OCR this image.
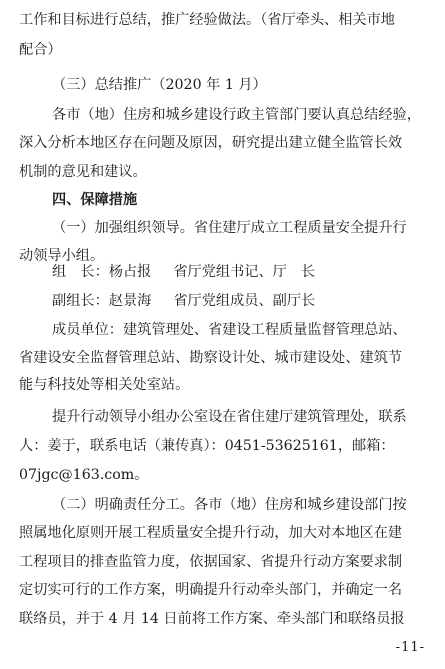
工作和目标进行总结，推广经验做法。（省厅牵头、相关市地
配合）
（三）总结推广（2020 年 1 月）
各市（地）住房和城乡建设行政主管部门要认真总结经验，
深入分析本地区存在问题及原因，研究提出建立健全监管长效
机制的意见和建议。
四、保障措施
（一）加强组织领导。省住建厅成立工程质量安全提升行
动领导小组。
组　长：杨占报 省厅党组书记、厅　长
副组长：赵景海 省厅党组成员、副厅长
成员单位：建筑管理处、省建设工程质量监督管理总站、
省建设安全监督管理总站、勘察设计处、城市建设处、建筑节
能与科技处等相关处室站。
提升行动领导小组办公室设在省住建厅建筑管理处，联系
人：姜于，联系电话（兼传真）：0451-53625161，邮箱：
07jgc@163.com。
（二）明确责任分工。各市（地）住房和城乡建设部门按
照属地化原则开展工程质量安全提升行动，加大对本地区在建
工程项目的排查监管力度，依据国家、省提升行动方案要求制
定切实可行的工作方案，明确提升行动牵头部门，并确定一名
联络员，并于 4 月 14 日前将工作方案、牵头部门和联络员报
-11-
